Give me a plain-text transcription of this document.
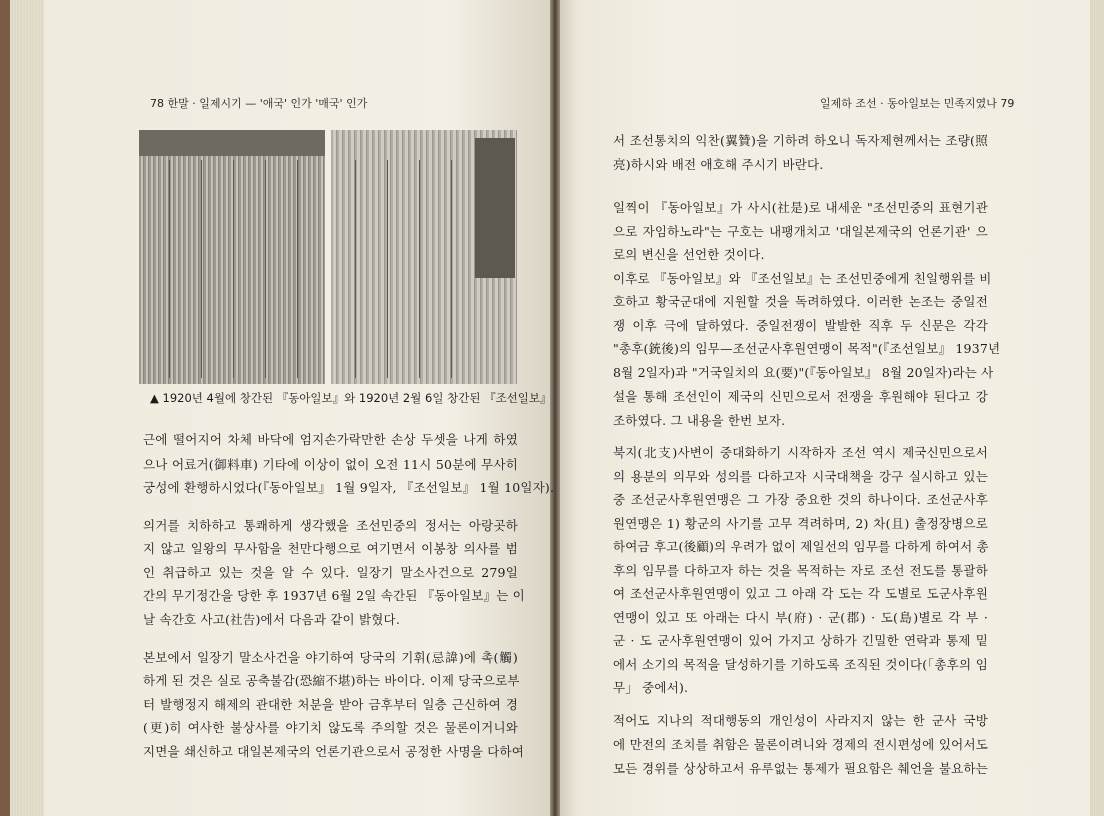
78 한말 · 일제시기 — '애국' 인가 '매국' 인가	일제하 조선 · 동아일보는 민족지였나 79
▲ 1920년 4월에 창간된 『동아일보』와 1920년 2월 6일 창간된 『조선일보』
근에 떨어지어 차체 바닥에 엄지손가락만한 손상 두셋을 나게 하였
으나 어료거(御料車) 기타에 이상이 없이 오전 11시 50분에 무사히
궁성에 환행하시었다(『동아일보』 1월 9일자, 『조선일보』 1월 10일자).
의거를 치하하고 통쾌하게 생각했을 조선민중의 정서는 아랑곳하
지 않고 일왕의 무사함을 천만다행으로 여기면서 이봉창 의사를 범
인 취급하고 있는 것을 알 수 있다. 일장기 말소사건으로 279일
간의 무기정간을 당한 후 1937년 6월 2일 속간된 『동아일보』는 이
날 속간호 사고(社告)에서 다음과 같이 밝혔다.
본보에서 일장기 말소사건을 야기하여 당국의 기휘(忌諱)에 촉(觸)
하게 된 것은 실로 공축불감(恐縮不堪)하는 바이다. 이제 당국으로부
터 발행정지 해제의 관대한 처분을 받아 금후부터 일층 근신하여 경
(更)히 여사한 불상사를 야기치 않도록 주의할 것은 물론이거니와
지면을 쇄신하고 대일본제국의 언론기관으로서 공정한 사명을 다하여
서 조선통치의 익찬(翼贊)을 기하려 하오니 독자제현께서는 조량(照
亮)하시와 배전 애호해 주시기 바란다.
일찍이 『동아일보』가 사시(社是)로 내세운 "조선민중의 표현기관
으로 자임하노라"는 구호는 내팽개치고 '대일본제국의 언론기관' 으
로의 변신을 선언한 것이다.
이후로 『동아일보』와 『조선일보』는 조선민중에게 친일행위를 비
호하고 황국군대에 지원할 것을 독려하였다. 이러한 논조는 중일전
쟁 이후 극에 달하였다. 중일전쟁이 발발한 직후 두 신문은 각각
"총후(銃後)의 임무—조선군사후원연맹이 목적"(『조선일보』 1937년
8월 2일자)과 "거국일치의 요(要)"(『동아일보』 8월 20일자)라는 사
설을 통해 조선인이 제국의 신민으로서 전쟁을 후원해야 된다고 강
조하였다. 그 내용을 한번 보자.
북지(北支)사변이 중대화하기 시작하자 조선 역시 제국신민으로서
의 용분의 의무와 성의를 다하고자 시국대책을 강구 실시하고 있는
중 조선군사후원연맹은 그 가장 중요한 것의 하나이다. 조선군사후
원연맹은 1) 황군의 사기를 고무 격려하며, 2) 차(且) 출정장병으로
하여금 후고(後顧)의 우려가 없이 제일선의 임무를 다하게 하여서 총
후의 임무를 다하고자 하는 것을 목적하는 자로 조선 전도를 통괄하
여 조선군사후원연맹이 있고 그 아래 각 도는 각 도별로 도군사후원
연맹이 있고 또 아래는 다시 부(府) · 군(郡) · 도(島)별로 각 부 ·
군 · 도 군사후원연맹이 있어 가지고 상하가 긴밀한 연락과 통제 밑
에서 소기의 목적을 달성하기를 기하도록 조직된 것이다(「총후의 임
무」 중에서).
적어도 지나의 적대행동의 개인성이 사라지지 않는 한 군사 국방
에 만전의 조치를 취함은 물론이려니와 경제의 전시편성에 있어서도
모든 경위를 상상하고서 유루없는 통제가 필요함은 췌언을 불요하는
